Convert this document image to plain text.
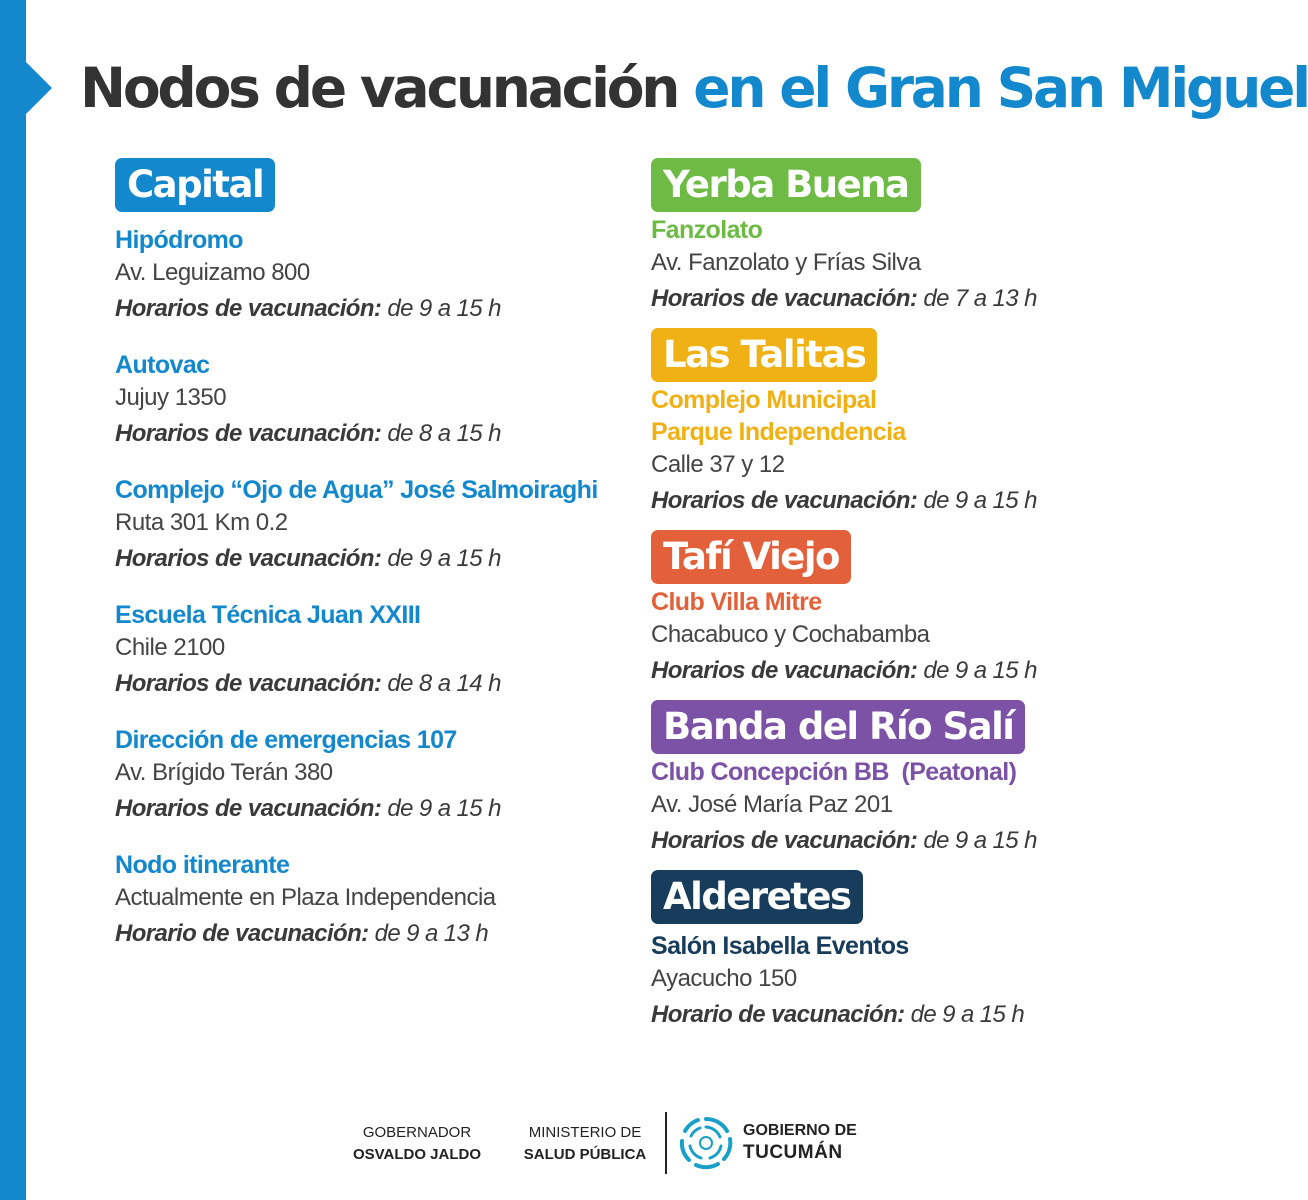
Nodos de vacunación en el Gran San Miguel
Capital
Hipódromo
Av. Leguizamo 800
Horarios de vacunación: de 9 a 15 h
Autovac
Jujuy 1350
Horarios de vacunación: de 8 a 15 h
Complejo “Ojo de Agua” José Salmoiraghi
Ruta 301 Km 0.2
Horarios de vacunación: de 9 a 15 h
Escuela Técnica Juan XXIII
Chile 2100
Horarios de vacunación: de 8 a 14 h
Dirección de emergencias 107
Av. Brígido Terán 380
Horarios de vacunación: de 9 a 15 h
Nodo itinerante
Actualmente en Plaza Independencia
Horario de vacunación: de 9 a 13 h
Yerba Buena
Fanzolato
Av. Fanzolato y Frías Silva
Horarios de vacunación: de 7 a 13 h
Las Talitas
Complejo Municipal
Parque Independencia
Calle 37 y 12
Horarios de vacunación: de 9 a 15 h
Tafí Viejo
Club Villa Mitre
Chacabuco y Cochabamba
Horarios de vacunación: de 9 a 15 h
Banda del Río Salí
Club Concepción BB  (Peatonal)
Av. José María Paz 201
Horarios de vacunación: de 9 a 15 h
Alderetes
Salón Isabella Eventos
Ayacucho 150
Horario de vacunación: de 9 a 15 h
GOBERNADOR
OSVALDO JALDO
MINISTERIO DE
SALUD PÚBLICA
GOBIERNO DE
TUCUMÁN
